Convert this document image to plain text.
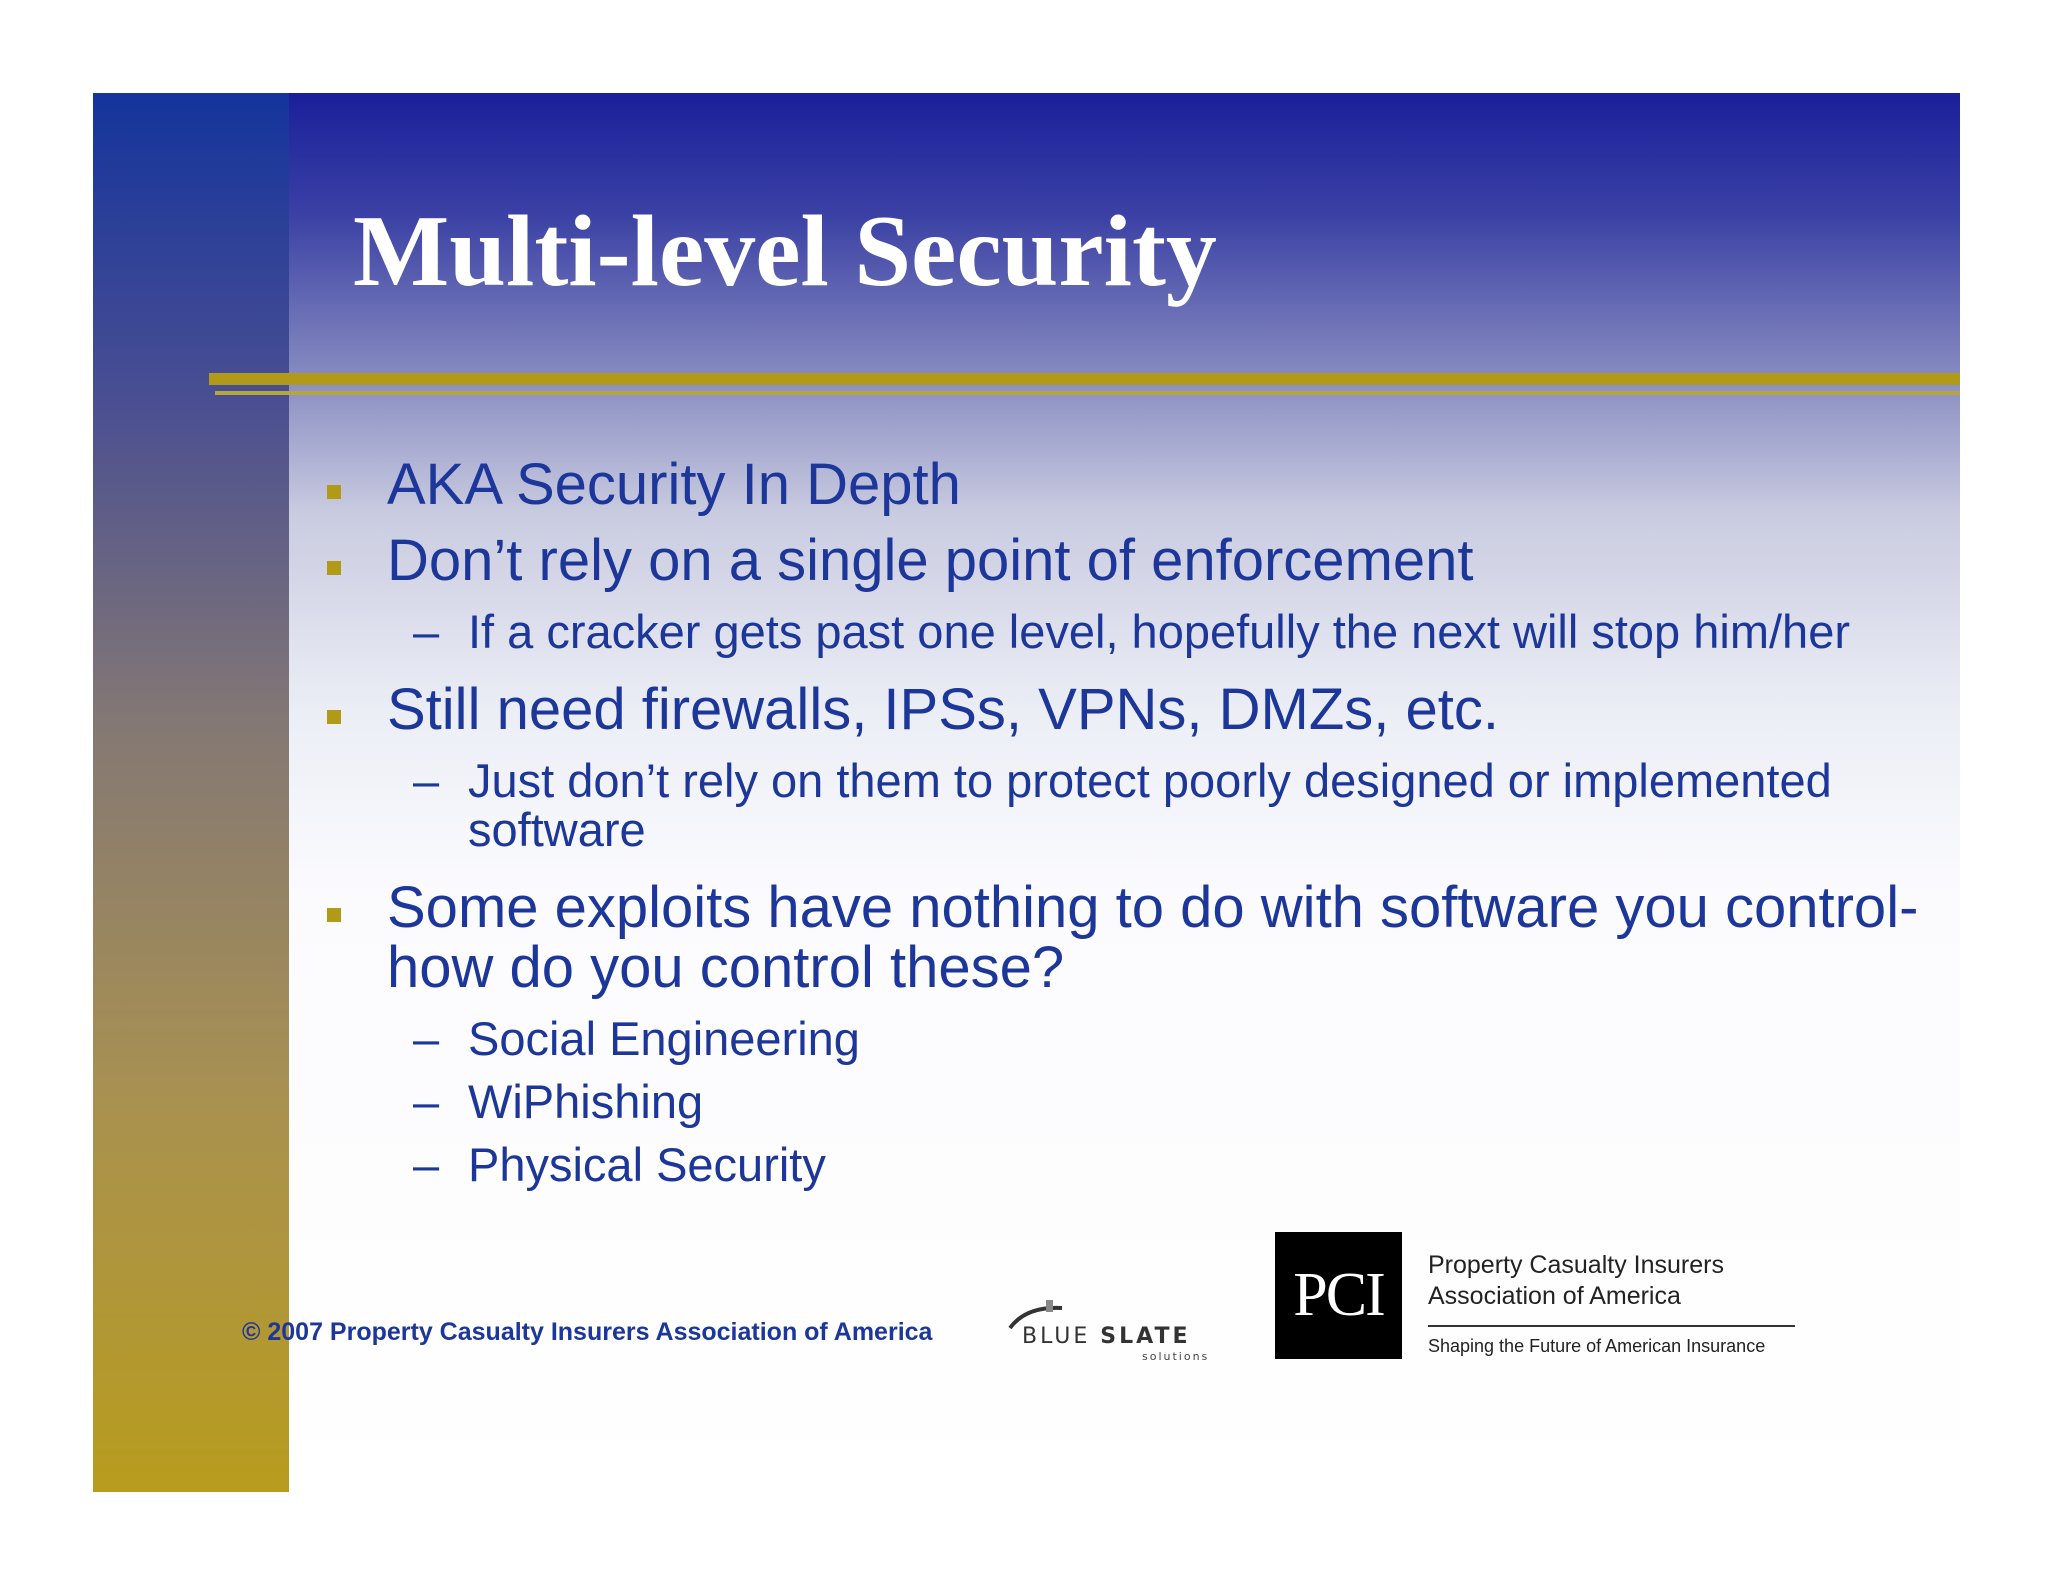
Multi-level Security
AKA Security In Depth
Don’t rely on a single point of enforcement
– If a cracker gets past one level, hopefully the next will stop him/her
Still need firewalls, IPSs, VPNs, DMZs, etc.
– Just don’t rely on them to protect poorly designed or implemented software
Some exploits have nothing to do with software you control-how do you control these?
– Social Engineering
– WiPhishing
– Physical Security
© 2007 Property Casualty Insurers Association of America	BLUE SLATE
solutions
PCI	Property Casualty Insurers
Association of America
Shaping the Future of American Insurance
